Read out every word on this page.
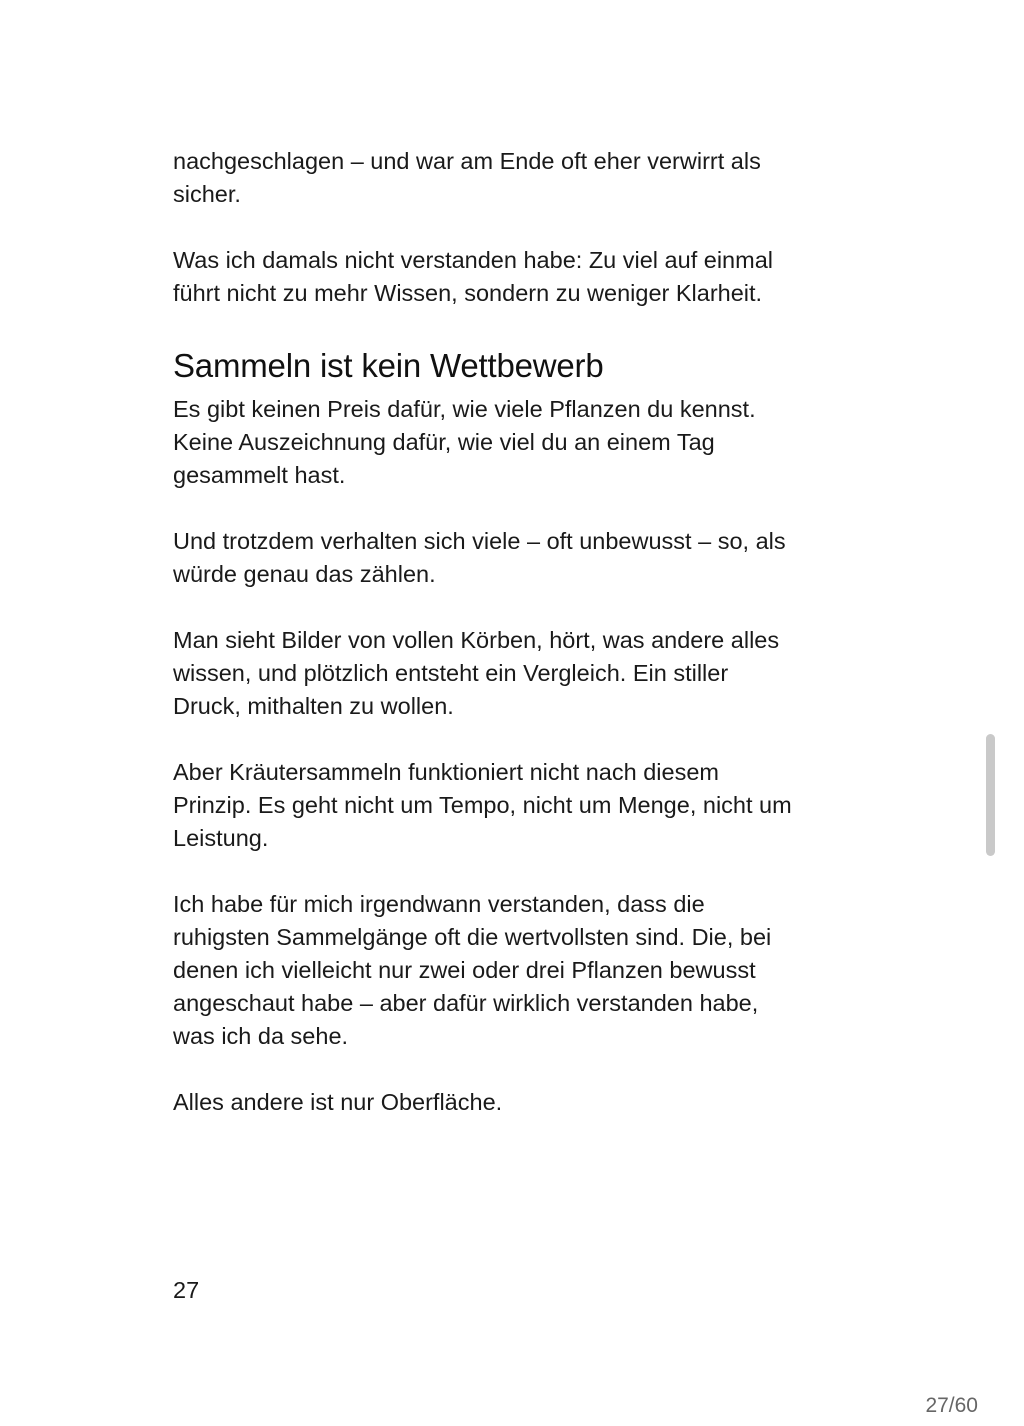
nachgeschlagen – und war am Ende oft eher verwirrt als
sicher.

Was ich damals nicht verstanden habe: Zu viel auf einmal
führt nicht zu mehr Wissen, sondern zu weniger Klarheit.

Sammeln ist kein Wettbewerb

Es gibt keinen Preis dafür, wie viele Pflanzen du kennst.
Keine Auszeichnung dafür, wie viel du an einem Tag
gesammelt hast.

Und trotzdem verhalten sich viele – oft unbewusst – so, als
würde genau das zählen.

Man sieht Bilder von vollen Körben, hört, was andere alles
wissen, und plötzlich entsteht ein Vergleich. Ein stiller
Druck, mithalten zu wollen.

Aber Kräutersammeln funktioniert nicht nach diesem
Prinzip. Es geht nicht um Tempo, nicht um Menge, nicht um
Leistung.

Ich habe für mich irgendwann verstanden, dass die
ruhigsten Sammelgänge oft die wertvollsten sind. Die, bei
denen ich vielleicht nur zwei oder drei Pflanzen bewusst
angeschaut habe – aber dafür wirklich verstanden habe,
was ich da sehe.

Alles andere ist nur Oberfläche.

27
27/60
